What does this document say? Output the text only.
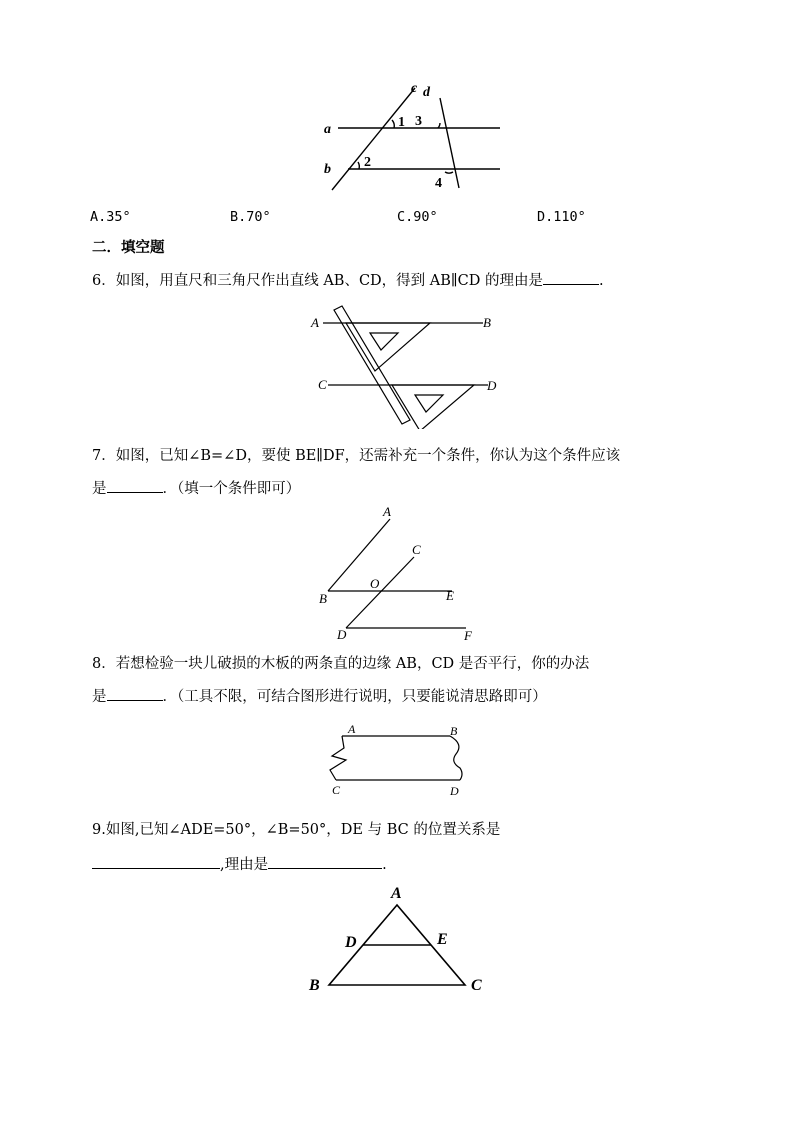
c d
a
b
1
2
3
4
A.35°	B.70°	C.90°	D.110°
二．填空题
6．如图，用直尺和三角尺作出直线 AB、CD，得到 AB∥CD 的理由是	.
A	B
C	D
7．如图，已知∠B=∠D，要使 BE∥DF，还需补充一个条件，你认为这个条件应该
是	．（填一个条件即可）
A
C
O
B	E
D	F
8．若想检验一块儿破损的木板的两条直的边缘 AB，CD 是否平行，你的办法
是	．（工具不限，可结合图形进行说明，只要能说清思路即可）
A	B
C	D
9.如图,已知∠ADE=50°，∠B=50°，DE 与 BC 的位置关系是
,理由是	.
A
D	E
B	C
